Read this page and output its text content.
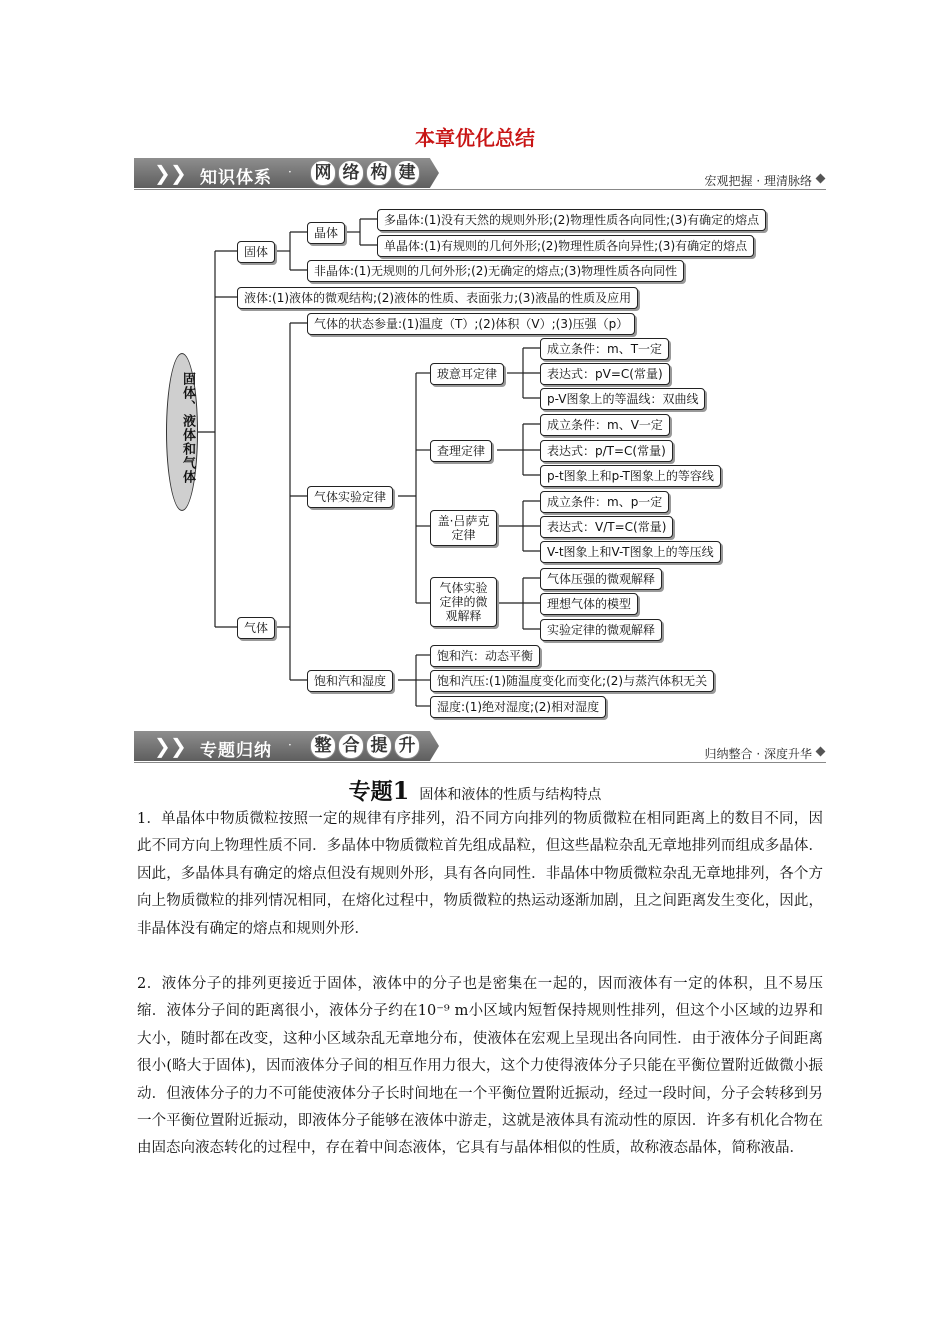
本章优化总结
❯ ❯ 知识体系 · 网 络 构 建	宏观把握 · 理清脉络
固体、液体和气体
固体
液体:(1)液体的微观结构;(2)液体的性质、表面张力;(3)液晶的性质及应用
气体
晶体
多晶体:(1)没有天然的规则外形;(2)物理性质各向同性;(3)有确定的熔点
单晶体:(1)有规则的几何外形;(2)物理性质各向异性;(3)有确定的熔点
非晶体:(1)无规则的几何外形;(2)无确定的熔点;(3)物理性质各向同性
气体的状态参量:(1)温度（T）;(2)体积（V）;(3)压强（p）
气体实验定律
饱和汽和湿度
玻意耳定律
查理定律
盖·吕萨克定律
气体实验定律的微观解释
成立条件：m、T一定
表达式：pV=C(常量)
p-V图象上的等温线：双曲线
成立条件：m、V一定
表达式：p/T=C(常量)
p-t图象上和p-T图象上的等容线
成立条件：m、p一定
表达式：V/T=C(常量)
V-t图象上和V-T图象上的等压线
气体压强的微观解释
理想气体的模型
实验定律的微观解释
饱和汽：动态平衡
饱和汽压:(1)随温度变化而变化;(2)与蒸汽体积无关
湿度:(1)绝对湿度;(2)相对湿度
❯ ❯ 专题归纳 · 整 合 提 升	归纳整合 · 深度升华
专题1 固体和液体的性质与结构特点
1．单晶体中物质微粒按照一定的规律有序排列，沿不同方向排列的物质微粒在相同距离上的数目不同，因此不同方向上物理性质不同．多晶体中物质微粒首先组成晶粒，但这些晶粒杂乱无章地排列而组成多晶体．因此，多晶体具有确定的熔点但没有规则外形，具有各向同性．非晶体中物质微粒杂乱无章地排列，各个方向上物质微粒的排列情况相同，在熔化过程中，物质微粒的热运动逐渐加剧，且之间距离发生变化，因此，非晶体没有确定的熔点和规则外形．
2．液体分子的排列更接近于固体，液体中的分子也是密集在一起的，因而液体有一定的体积，且不易压缩．液体分子间的距离很小，液体分子约在10⁻⁹ m小区域内短暂保持规则性排列，但这个小区域的边界和大小，随时都在改变，这种小区域杂乱无章地分布，使液体在宏观上呈现出各向同性．由于液体分子间距离很小(略大于固体)，因而液体分子间的相互作用力很大，这个力使得液体分子只能在平衡位置附近做微小振动．但液体分子的力不可能使液体分子长时间地在一个平衡位置附近振动，经过一段时间，分子会转移到另一个平衡位置附近振动，即液体分子能够在液体中游走，这就是液体具有流动性的原因．许多有机化合物在由固态向液态转化的过程中，存在着中间态液体，它具有与晶体相似的性质，故称液态晶体，简称液晶．
